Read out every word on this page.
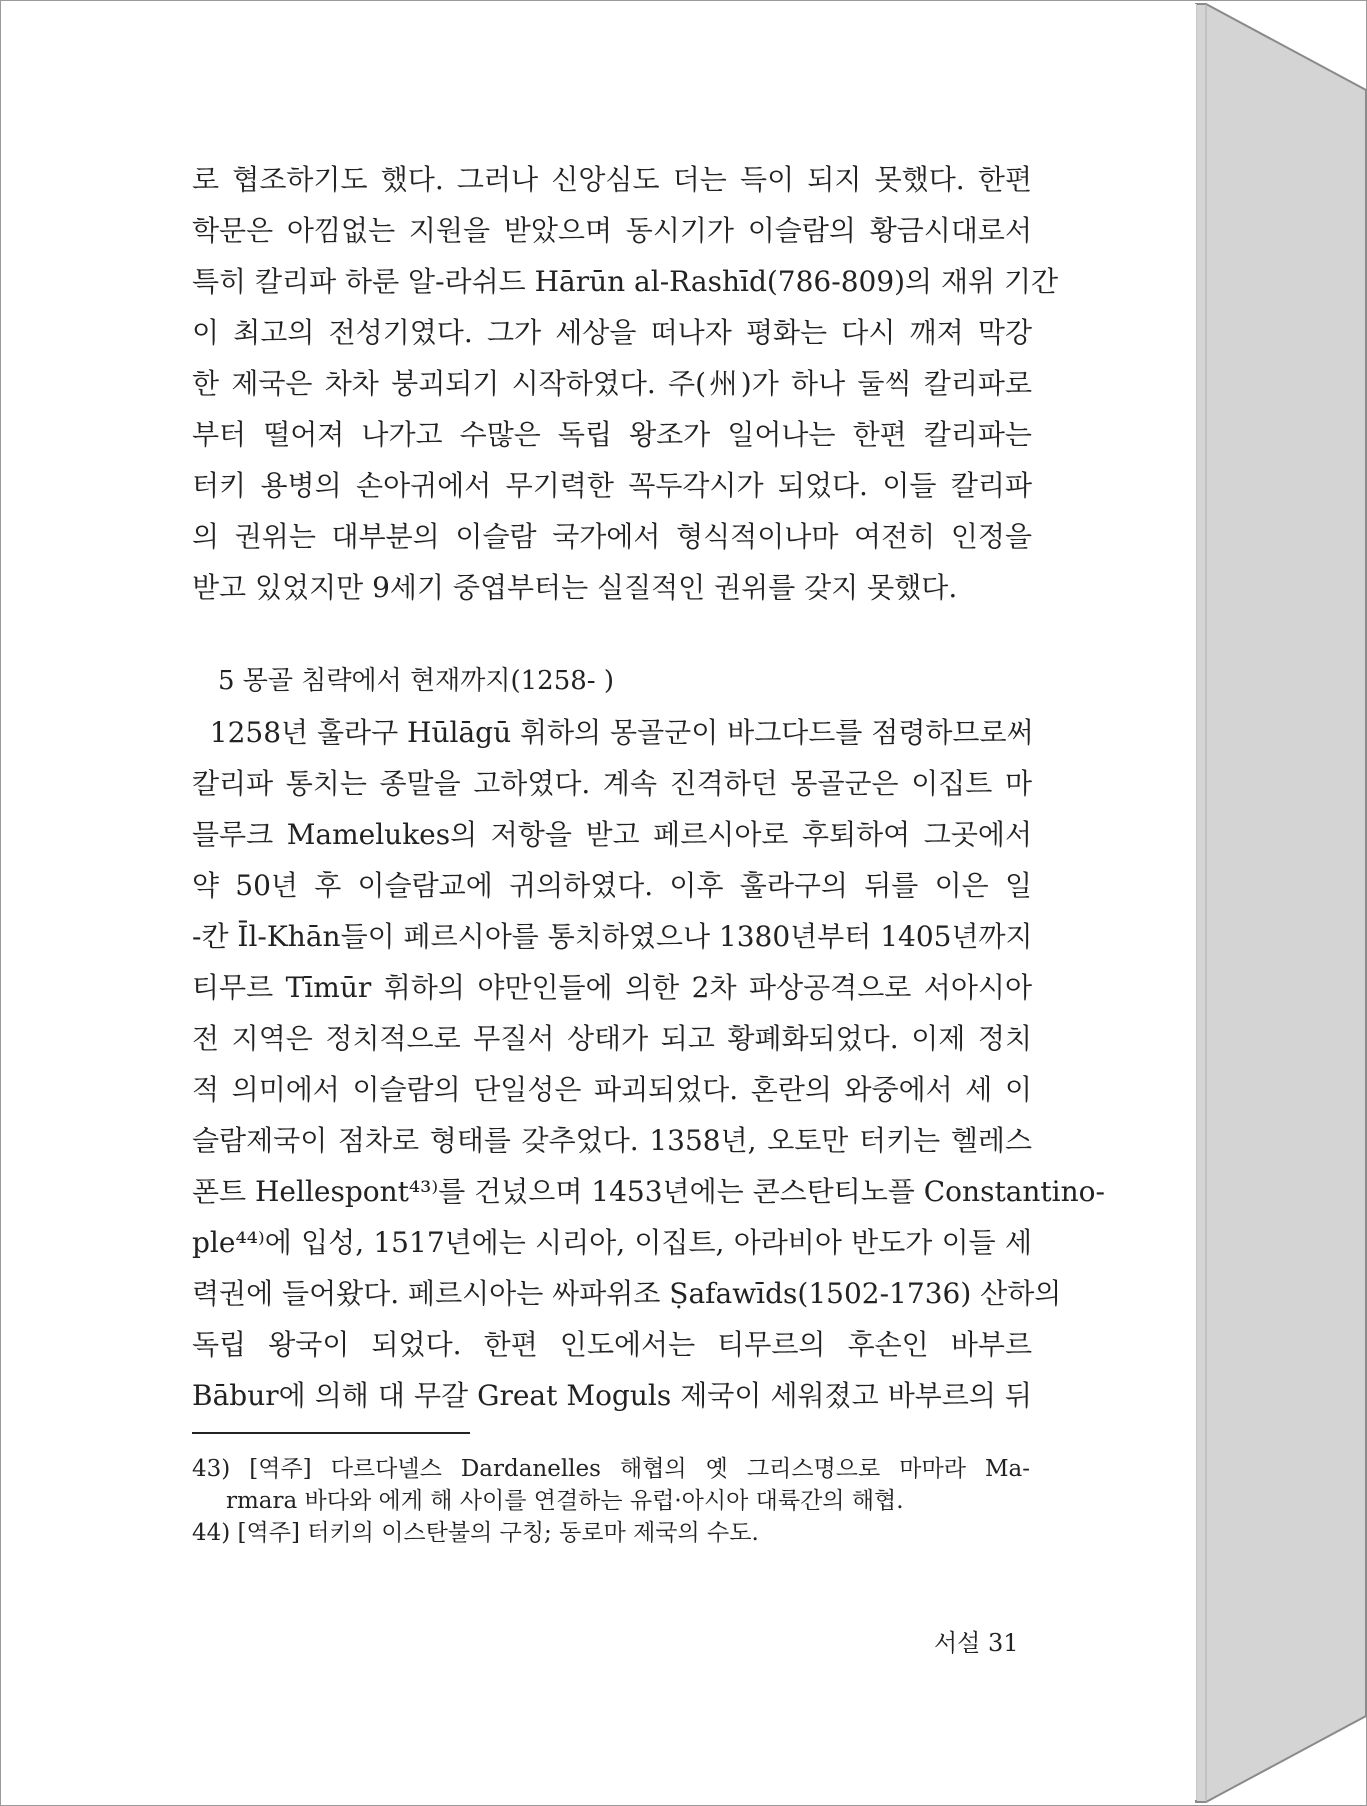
로 협조하기도 했다. 그러나 신앙심도 더는 득이 되지 못했다. 한편
학문은 아낌없는 지원을 받았으며 동시기가 이슬람의 황금시대로서
특히 칼리파 하룬 알-라쉬드 Hārūn al-Rashīd(786-809)의 재위 기간
이 최고의 전성기였다. 그가 세상을 떠나자 평화는 다시 깨져 막강
한 제국은 차차 붕괴되기 시작하였다. 주(州)가 하나 둘씩 칼리파로
부터 떨어져 나가고 수많은 독립 왕조가 일어나는 한편 칼리파는
터키 용병의 손아귀에서 무기력한 꼭두각시가 되었다. 이들 칼리파
의 권위는 대부분의 이슬람 국가에서 형식적이나마 여전히 인정을
받고 있었지만 9세기 중엽부터는 실질적인 권위를 갖지 못했다.
5 몽골 침략에서 현재까지(1258- )
1258년 훌라구 Hūlāgū 휘하의 몽골군이 바그다드를 점령하므로써
칼리파 통치는 종말을 고하였다. 계속 진격하던 몽골군은 이집트 마
믈루크 Mamelukes의 저항을 받고 페르시아로 후퇴하여 그곳에서
약 50년 후 이슬람교에 귀의하였다. 이후 훌라구의 뒤를 이은 일
-칸 Īl-Khān들이 페르시아를 통치하였으나 1380년부터 1405년까지
티무르 Tīmūr 휘하의 야만인들에 의한 2차 파상공격으로 서아시아
전 지역은 정치적으로 무질서 상태가 되고 황폐화되었다. 이제 정치
적 의미에서 이슬람의 단일성은 파괴되었다. 혼란의 와중에서 세 이
슬람제국이 점차로 형태를 갖추었다. 1358년, 오토만 터키는 헬레스
폰트 Hellespont⁴³⁾를 건넜으며 1453년에는 콘스탄티노플 Constantino-
ple⁴⁴⁾에 입성, 1517년에는 시리아, 이집트, 아라비아 반도가 이들 세
력권에 들어왔다. 페르시아는 싸파위조 Ṣafawīds(1502-1736) 산하의
독립 왕국이 되었다. 한편 인도에서는 티무르의 후손인 바부르
Bābur에 의해 대 무갈 Great Moguls 제국이 세워졌고 바부르의 뒤
43) [역주] 다르다넬스 Dardanelles 해협의 옛 그리스명으로 마마라 Ma-
rmara 바다와 에게 해 사이를 연결하는 유럽·아시아 대륙간의 해협.
44) [역주] 터키의 이스탄불의 구칭; 동로마 제국의 수도.
서설 31
